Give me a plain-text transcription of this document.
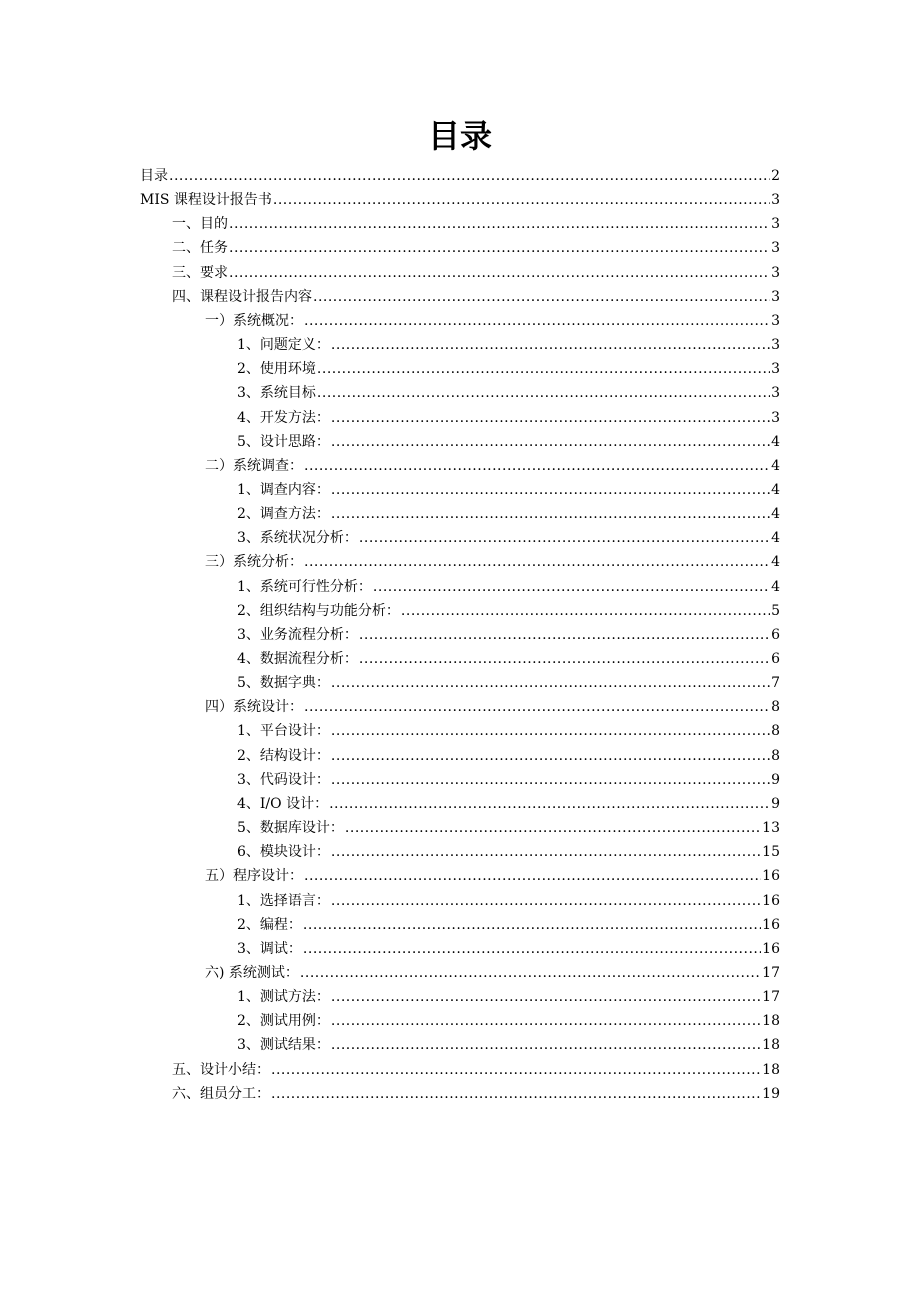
目录
目录 .....	2
MIS 课程设计报告书 .....	3
一、目的 .....	3
二、任务 .....	3
三、要求 .....	3
四、课程设计报告内容 .....	3
一）系统概况： .....	3
1、问题定义： .....	3
2、使用环境 .....	3
3、系统目标 .....	3
4、开发方法： .....	3
5、设计思路： .....	4
二）系统调查： .....	4
1、调查内容： .....	4
2、调查方法： .....	4
3、系统状况分析： .....	4
三）系统分析： .....	4
1、系统可行性分析： .....	4
2、组织结构与功能分析： .....	5
3、业务流程分析： .....	6
4、数据流程分析： .....	6
5、数据字典： .....	7
四）系统设计： .....	8
1、平台设计： .....	8
2、结构设计： .....	8
3、代码设计： .....	9
4、I/O 设计： .....	9
5、数据库设计： .....	13
6、模块设计： .....	15
五）程序设计： .....	16
1、选择语言： .....	16
2、编程： .....	16
3、调试： .....	16
六) 系统测试： .....	17
1、测试方法： .....	17
2、测试用例： .....	18
3、测试结果： .....	18
五、设计小结： .....	18
六、组员分工： .....	19
